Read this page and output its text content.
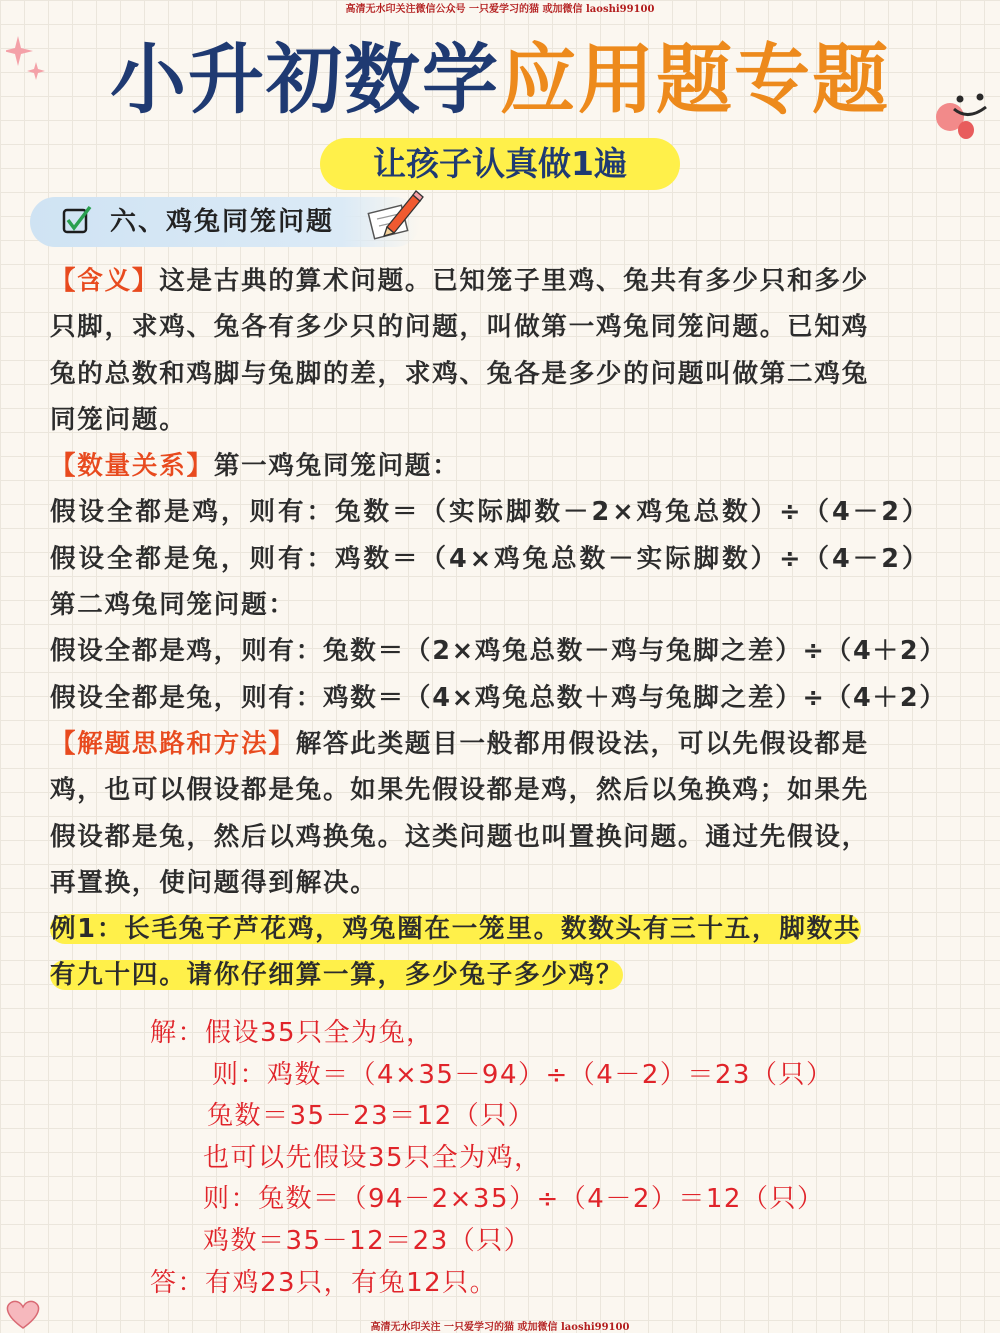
高清无水印关注微信公众号 一只爱学习的猫 或加微信 laoshi99100
小升初数学应用题专题
让孩子认真做1遍
六、鸡兔同笼问题
【含义】这是古典的算术问题。已知笼子里鸡、兔共有多少只和多少
只脚，求鸡、兔各有多少只的问题，叫做第一鸡兔同笼问题。已知鸡
兔的总数和鸡脚与兔脚的差，求鸡、兔各是多少的问题叫做第二鸡兔
同笼问题。
【数量关系】第一鸡兔同笼问题：
假设全都是鸡，则有：兔数＝（实际脚数－2×鸡兔总数）÷（4－2）
假设全都是兔，则有：鸡数＝（4×鸡兔总数－实际脚数）÷（4－2）
第二鸡兔同笼问题：
假设全都是鸡，则有：兔数＝（2×鸡兔总数－鸡与兔脚之差）÷（4＋2）
假设全都是兔，则有：鸡数＝（4×鸡兔总数＋鸡与兔脚之差）÷（4＋2）
【解题思路和方法】解答此类题目一般都用假设法，可以先假设都是
鸡，也可以假设都是兔。如果先假设都是鸡，然后以兔换鸡；如果先
假设都是兔，然后以鸡换兔。这类问题也叫置换问题。通过先假设，
再置换，使问题得到解决。
例1：长毛兔子芦花鸡，鸡兔圈在一笼里。数数头有三十五，脚数共
有九十四。请你仔细算一算，多少兔子多少鸡？
解：假设35只全为兔，
则：鸡数＝（4×35－94）÷（4－2）＝23（只）
兔数＝35－23＝12（只）
也可以先假设35只全为鸡，
则：兔数＝（94－2×35）÷（4－2）＝12（只）
鸡数＝35－12＝23（只）
答：有鸡23只，有兔12只。
高清无水印关注 一只爱学习的猫 或加微信 laoshi99100
